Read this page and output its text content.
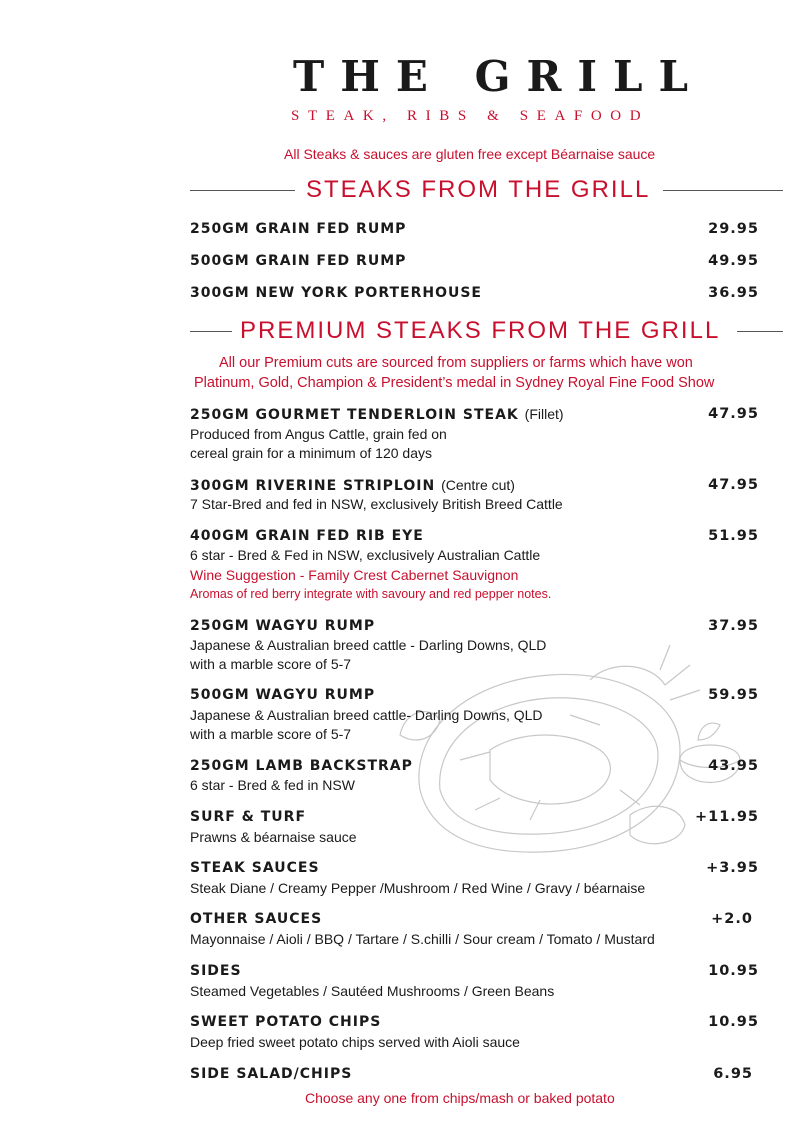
THE GRILL
STEAK, RIBS & SEAFOOD
All Steaks & sauces are gluten free except Béarnaise sauce
STEAKS FROM THE GRILL
250GM GRAIN FED RUMP	29.95
500GM GRAIN FED RUMP	49.95
300GM NEW YORK PORTERHOUSE	36.95
PREMIUM STEAKS FROM THE GRILL
All our Premium cuts are sourced from suppliers or farms which have won
Platinum, Gold, Champion & President’s medal in Sydney Royal Fine Food Show
250GM GOURMET TENDERLOIN STEAK (Fillet)	47.95
Produced from Angus Cattle, grain fed on
cereal grain for a minimum of 120 days
300GM RIVERINE STRIPLOIN (Centre cut)	47.95
7 Star-Bred and fed in NSW, exclusively British Breed Cattle
400GM GRAIN FED RIB EYE	51.95
6 star - Bred & Fed in NSW, exclusively Australian Cattle
Wine Suggestion - Family Crest Cabernet Sauvignon
Aromas of red berry integrate with savoury and red pepper notes.
250GM WAGYU RUMP	37.95
Japanese & Australian breed cattle - Darling Downs, QLD
with a marble score of 5-7
500GM WAGYU RUMP	59.95
Japanese & Australian breed cattle- Darling Downs, QLD
with a marble score of 5-7
250GM LAMB BACKSTRAP	43.95
6 star - Bred & fed in NSW
SURF & TURF	+11.95
Prawns & béarnaise sauce
STEAK SAUCES	+3.95
Steak Diane / Creamy Pepper /Mushroom / Red Wine / Gravy / béarnaise
OTHER SAUCES	+2.0
Mayonnaise / Aioli / BBQ / Tartare / S.chilli / Sour cream / Tomato / Mustard
SIDES	10.95
Steamed Vegetables / Sautéed Mushrooms / Green Beans
SWEET POTATO CHIPS	10.95
Deep fried sweet potato chips served with Aioli sauce
SIDE SALAD/CHIPS	6.95
Choose any one from chips/mash or baked potato
